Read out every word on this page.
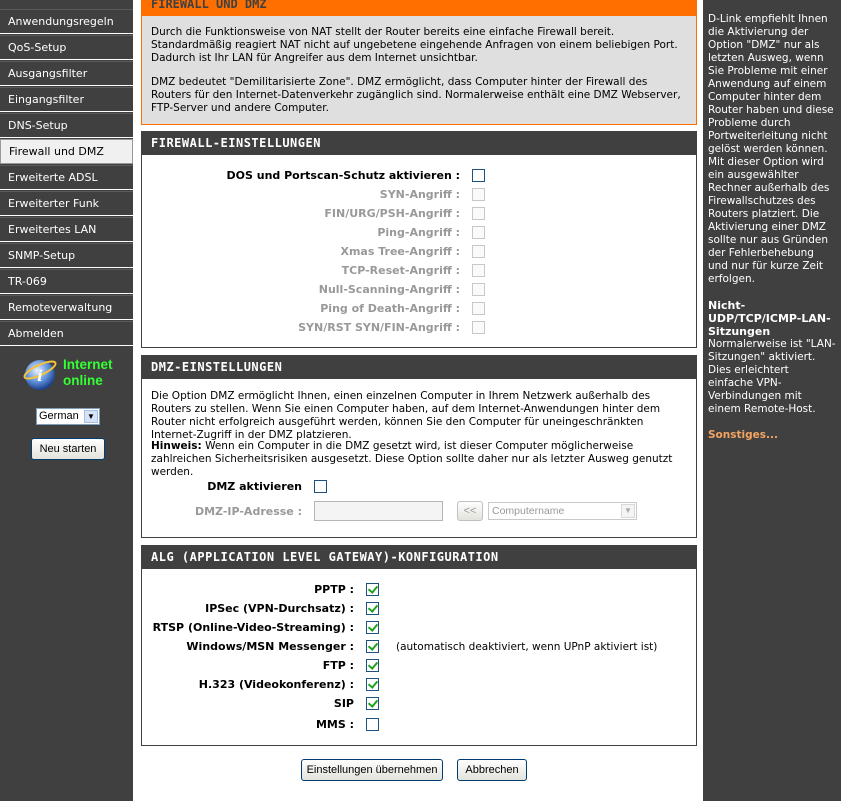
Anwendungsregeln
QoS-Setup
Ausgangsfilter
Eingangsfilter
DNS-Setup
Firewall und DMZ
Erweiterte ADSL
Erweiterter Funk
Erweitertes LAN
SNMP-Setup
TR-069
Remoteverwaltung
Abmelden
i
Internet
online
German	▼
Neu starten
FIREWALL UND DMZ
Durch die Funktionsweise von NAT stellt der Router bereits eine einfache Firewall bereit. Standardmäßig reagiert NAT nicht auf ungebetene eingehende Anfragen von einem beliebigen Port. Dadurch ist Ihr LAN für Angreifer aus dem Internet unsichtbar.
DMZ bedeutet "Demilitarisierte Zone". DMZ ermöglicht, dass Computer hinter der Firewall des Routers für den Internet-Datenverkehr zugänglich sind. Normalerweise enthält eine DMZ Webserver, FTP-Server und andere Computer.
FIREWALL-EINSTELLUNGEN
DOS und Portscan-Schutz aktivieren :
SYN-Angriff :
FIN/URG/PSH-Angriff :
Ping-Angriff :
Xmas Tree-Angriff :
TCP-Reset-Angriff :
Null-Scanning-Angriff :
Ping of Death-Angriff :
SYN/RST SYN/FIN-Angriff :
DMZ-EINSTELLUNGEN
Die Option DMZ ermöglicht Ihnen, einen einzelnen Computer in Ihrem Netzwerk außerhalb des Routers zu stellen. Wenn Sie einen Computer haben, auf dem Internet-Anwendungen hinter dem Router nicht erfolgreich ausgeführt werden, können Sie den Computer für uneingeschränkten Internet-Zugriff in der DMZ platzieren.
Hinweis: Wenn ein Computer in die DMZ gesetzt wird, ist dieser Computer möglicherweise zahlreichen Sicherheitsrisiken ausgesetzt. Diese Option sollte daher nur als letzter Ausweg genutzt werden.
DMZ aktivieren
DMZ-IP-Adresse :	<<	Computername	▼
ALG (APPLICATION LEVEL GATEWAY)-KONFIGURATION
PPTP :
IPSec (VPN-Durchsatz) :
RTSP (Online-Video-Streaming) :
Windows/MSN Messenger :	(automatisch deaktiviert, wenn UPnP aktiviert ist)
FTP :
H.323 (Videokonferenz) :
SIP
MMS :
Einstellungen übernehmen	Abbrechen
D-Link empfiehlt Ihnen die Aktivierung der Option "DMZ" nur als letzten Ausweg, wenn Sie Probleme mit einer Anwendung auf einem Computer hinter dem Router haben und diese Probleme durch Portweiterleitung nicht gelöst werden können. Mit dieser Option wird ein ausgewählter Rechner außerhalb des Firewallschutzes des Routers platziert. Die Aktivierung einer DMZ sollte nur aus Gründen der Fehlerbehebung und nur für kurze Zeit erfolgen.
Nicht-UDP/TCP/ICMP-LAN-Sitzungen
Normalerweise ist "LAN-Sitzungen" aktiviert. Dies erleichtert einfache VPN-Verbindungen mit einem Remote-Host.
Sonstiges...
